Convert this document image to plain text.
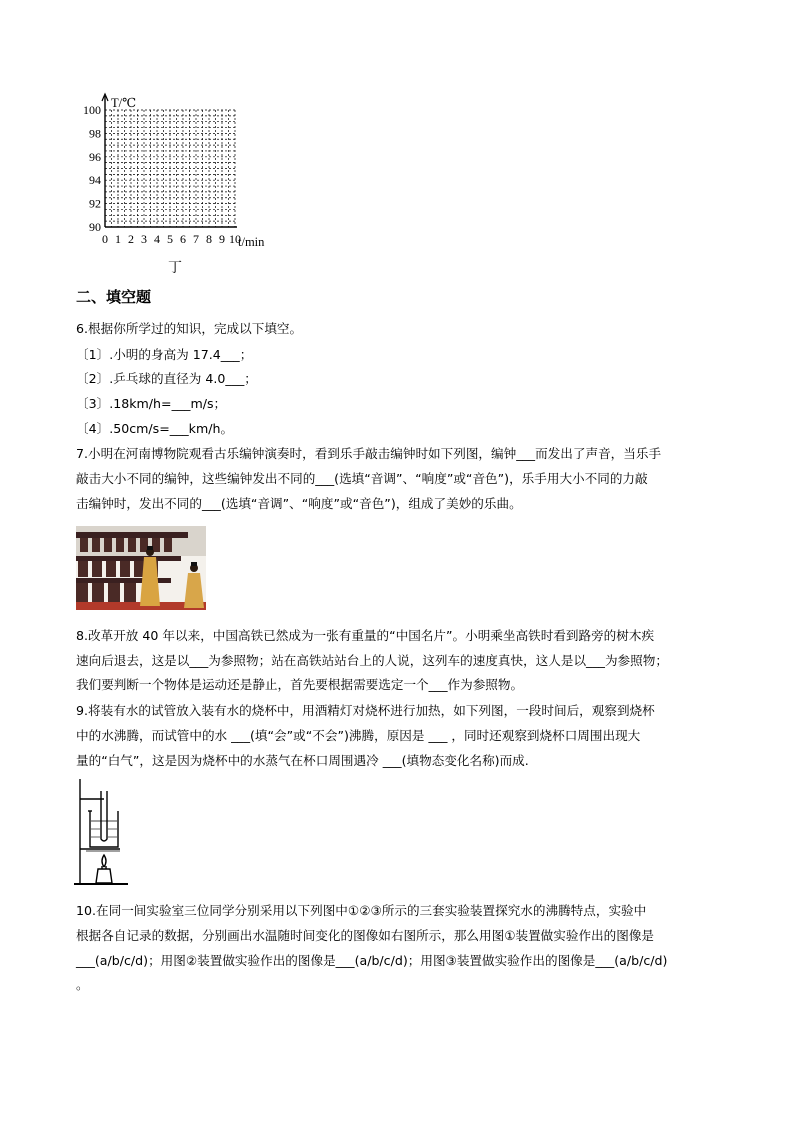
100
98
96
94
92
90
0 1 2 3 4 5 6 7 8 9 10
T/℃
t/min
丁
二、填空题
6.根据你所学过的知识，完成以下填空。
〔1〕.小明的身高为 17.4___；
〔2〕.乒乓球的直径为 4.0___；
〔3〕.18km/h=___m/s；
〔4〕.50cm/s=___km/h。
7.小明在河南博物院观看古乐编钟演奏时，看到乐手敲击编钟时如下列图，编钟___而发出了声音，当乐手
敲击大小不同的编钟，这些编钟发出不同的___(选填“音调”、“响度”或“音色”)，乐手用大小不同的力敲
击编钟时，发出不同的___(选填“音调”、“响度”或“音色”)，组成了美妙的乐曲。
8.改革开放 40 年以来，中国高铁已然成为一张有重量的“中国名片”。小明乘坐高铁时看到路旁的树木疾
速向后退去，这是以___为参照物；站在高铁站站台上的人说，这列车的速度真快，这人是以___为参照物；
我们要判断一个物体是运动还是静止，首先要根据需要选定一个___作为参照物。
9.将装有水的试管放入装有水的烧杯中，用酒精灯对烧杯进行加热，如下列图，一段时间后，观察到烧杯
中的水沸腾，而试管中的水 ___(填“会”或“不会”)沸腾，原因是 ___ ，同时还观察到烧杯口周围出现大
量的“白气”，这是因为烧杯中的水蒸气在杯口周围遇冷 ___(填物态变化名称)而成.
10.在同一间实验室三位同学分别采用以下列图中①②③所示的三套实验装置探究水的沸腾特点，实验中
根据各自记录的数据，分别画出水温随时间变化的图像如右图所示，那么用图①装置做实验作出的图像是
___(a/b/c/d)；用图②装置做实验作出的图像是___(a/b/c/d)；用图③装置做实验作出的图像是___(a/b/c/d)
。
